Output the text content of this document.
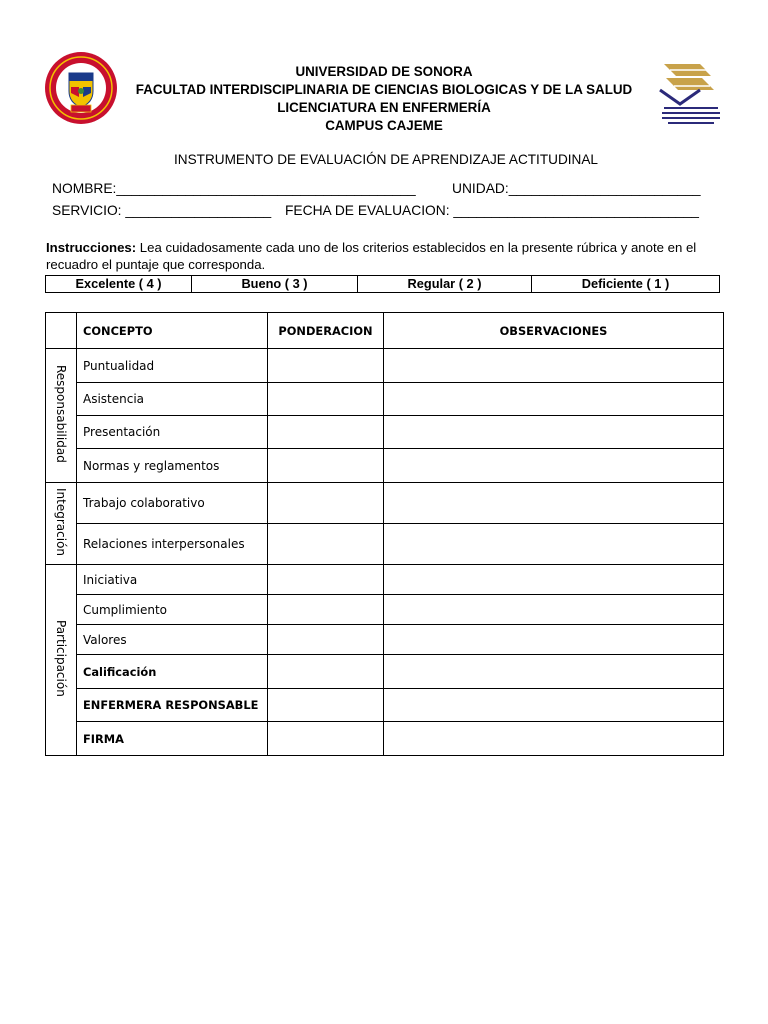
UNIVERSIDAD DE SONORA
FACULTAD INTERDISCIPLINARIA DE CIENCIAS BIOLOGICAS Y DE LA SALUD
LICENCIATURA EN ENFERMERÍA
CAMPUS CAJEME
INSTRUMENTO DE EVALUACIÓN DE APRENDIZAJE ACTITUDINAL
NOMBRE:_______________________________________	UNIDAD:_________________________
SERVICIO: ___________________ FECHA DE EVALUACION: ________________________________
Instrucciones: Lea cuidadosamente cada uno de los criterios establecidos en la presente rúbrica y anote en el recuadro el puntaje que corresponda.
Excelente ( 4 )	Bueno ( 3 )	Regular ( 2 )	Deficiente ( 1 )
	CONCEPTO	PONDERACION	OBSERVACIONES
Responsabilidad	Puntualidad		
	Asistencia		
	Presentación		
	Normas y reglamentos		
Integración	Trabajo colaborativo		
	Relaciones interpersonales		
Participación	Iniciativa		
	Cumplimiento		
	Valores		
	Calificación		
	ENFERMERA RESPONSABLE		
	FIRMA		
